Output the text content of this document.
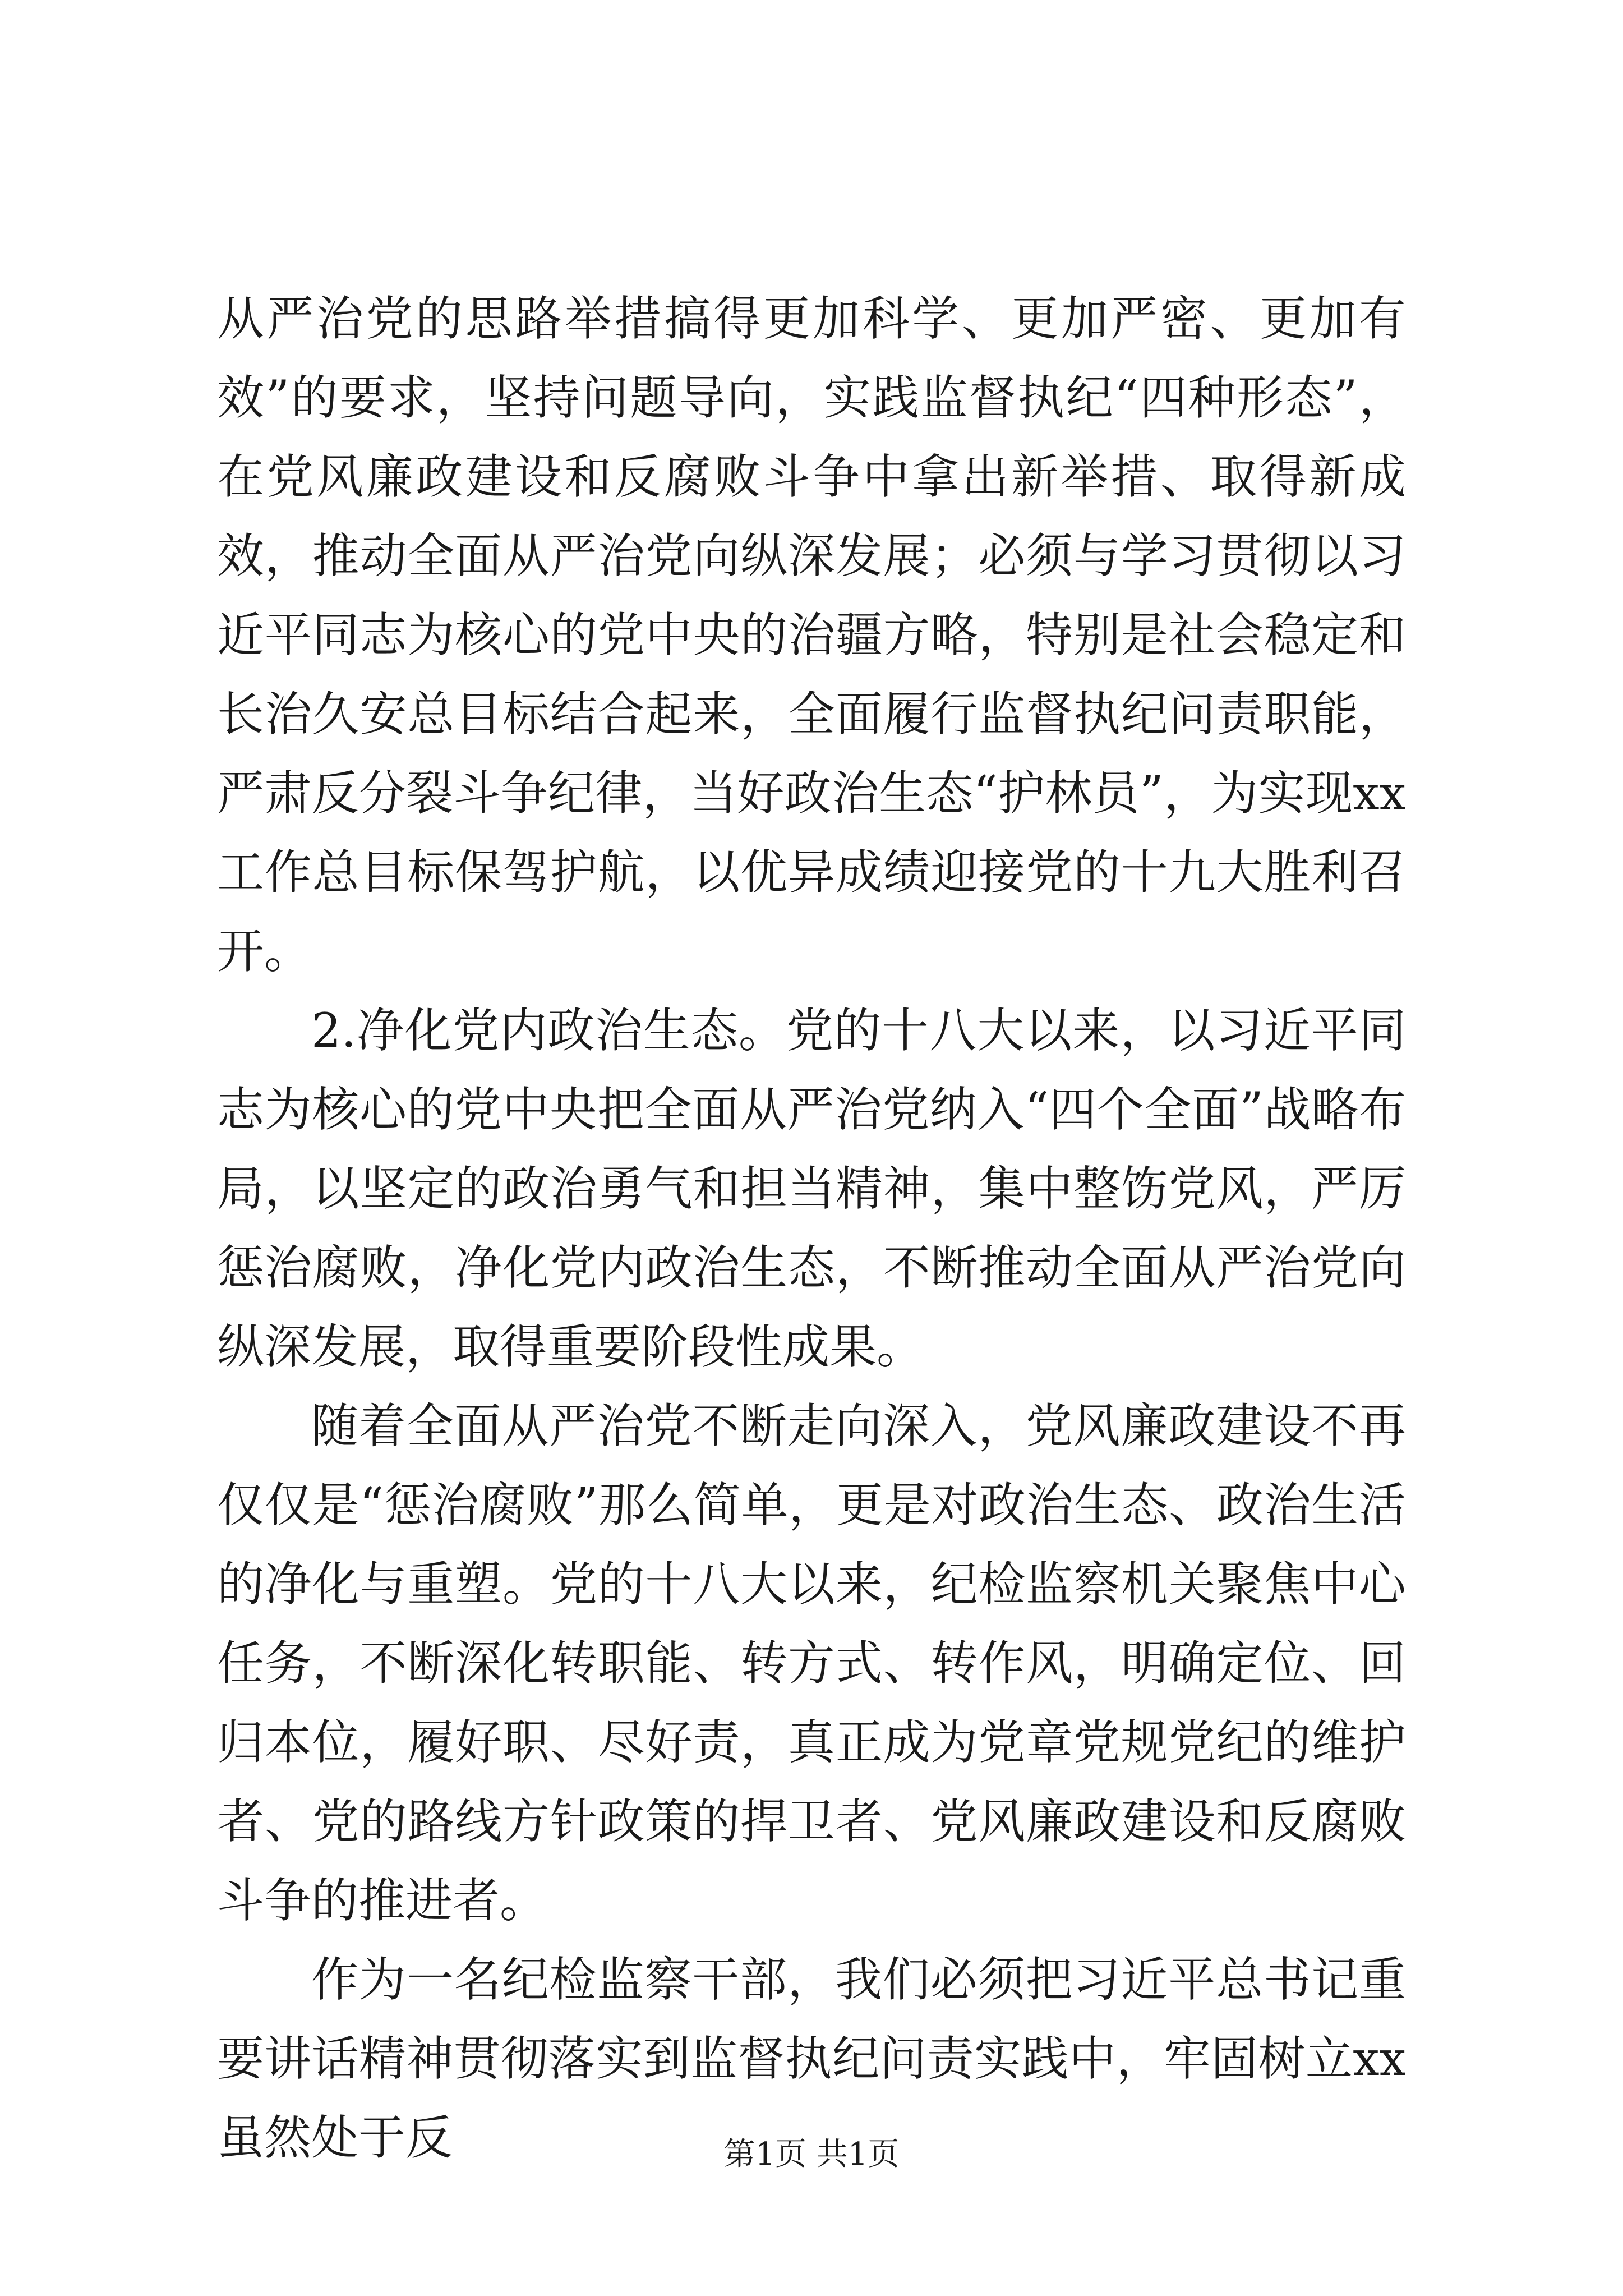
从严治党的思路举措搞得更加科学、更加严密、更加有效”的要求，坚持问题导向，实践监督执纪“四种形态”，在党风廉政建设和反腐败斗争中拿出新举措、取得新成效，推动全面从严治党向纵深发展；必须与学习贯彻以习近平同志为核心的党中央的治疆方略，特别是社会稳定和长治久安总目标结合起来，全面履行监督执纪问责职能，严肃反分裂斗争纪律，当好政治生态“护林员”，为实现xx工作总目标保驾护航，以优异成绩迎接党的十九大胜利召开。

2.净化党内政治生态。党的十八大以来，以习近平同志为核心的党中央把全面从严治党纳入“四个全面”战略布局，以坚定的政治勇气和担当精神，集中整饬党风，严厉惩治腐败，净化党内政治生态，不断推动全面从严治党向纵深发展，取得重要阶段性成果。

随着全面从严治党不断走向深入，党风廉政建设不再仅仅是“惩治腐败”那么简单，更是对政治生态、政治生活的净化与重塑。党的十八大以来，纪检监察机关聚焦中心任务，不断深化转职能、转方式、转作风，明确定位、回归本位，履好职、尽好责，真正成为党章党规党纪的维护者、党的路线方针政策的捍卫者、党风廉政建设和反腐败斗争的推进者。

作为一名纪检监察干部，我们必须把习近平总书记重要讲话精神贯彻落实到监督执纪问责实践中，牢固树立xx虽然处于反	第1页 共1页
